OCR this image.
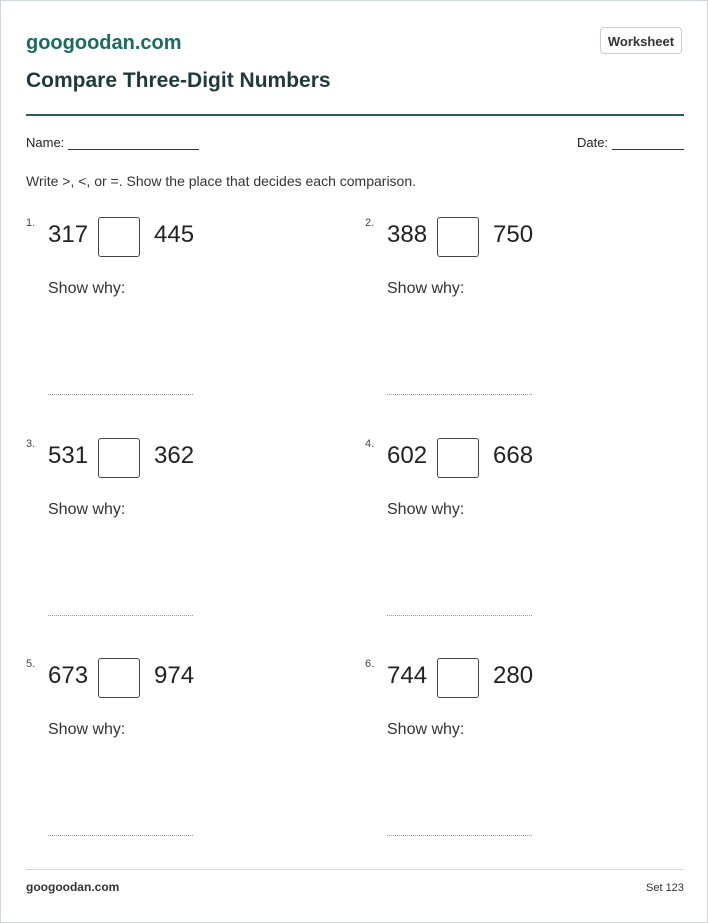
googoodan.com
Compare Three-Digit Numbers
Worksheet
Name:	Date:
Write >, <, or =. Show the place that decides each comparison.
1. 317	445
Show why:
2. 388	750
Show why:
3. 531	362
Show why:
4. 602	668
Show why:
5. 673	974
Show why:
6. 744	280
Show why:
googoodan.com	Set 123
